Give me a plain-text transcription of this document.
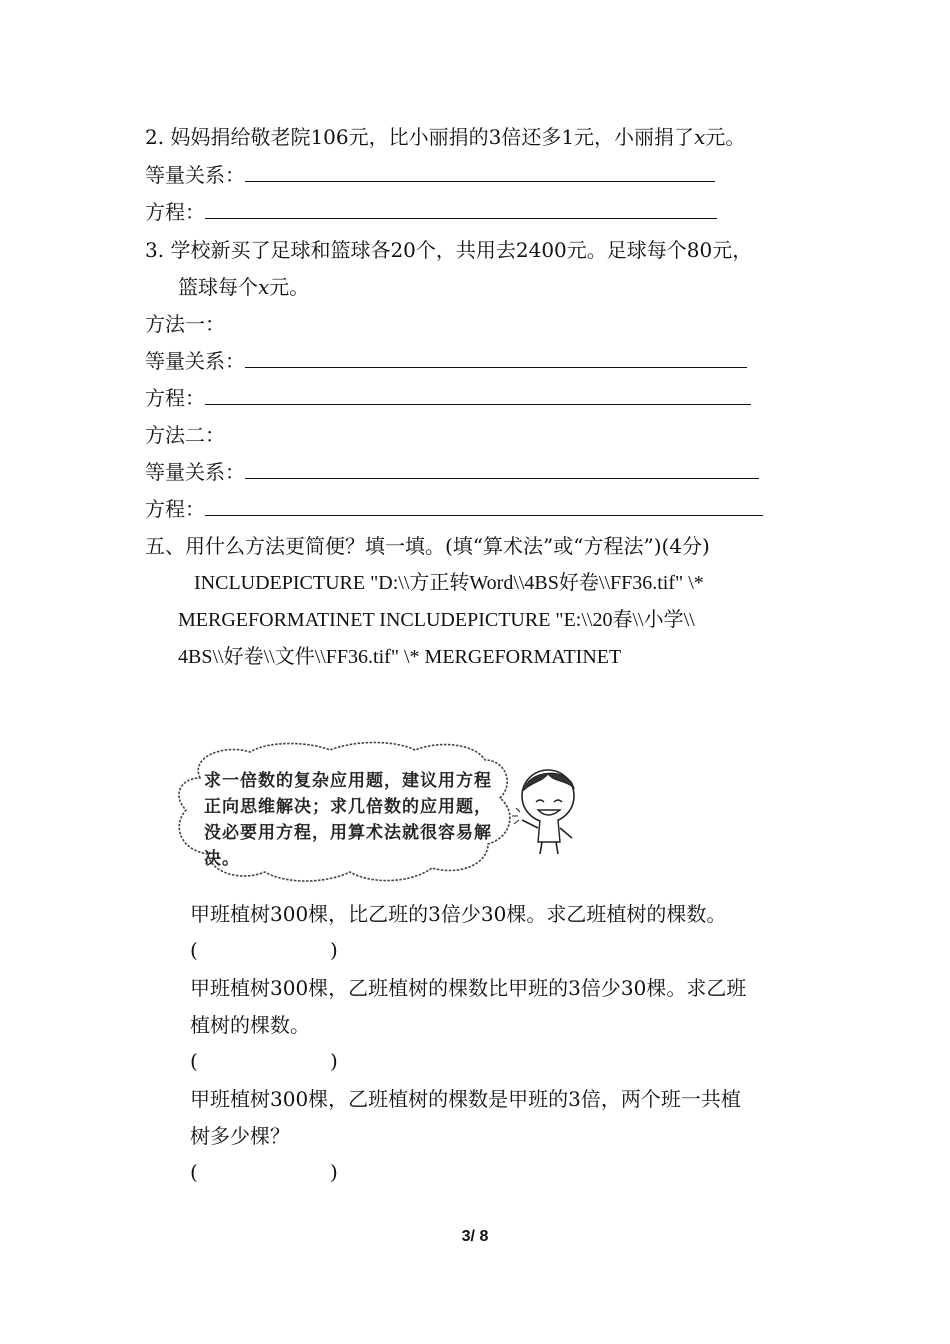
2. 妈妈捐给敬老院106元，比小丽捐的3倍还多1元，小丽捐了x元。
等量关系：
方程：
3. 学校新买了足球和篮球各20个，共用去2400元。足球每个80元，
篮球每个x元。
方法一：
等量关系：
方程：
方法二：
等量关系：
方程：
五、用什么方法更简便？填一填。(填“算术法”或“方程法”)(4分)
INCLUDEPICTURE "D:\\方正转Word\\4BS好卷\\FF36.tif" \*
MERGEFORMATINET INCLUDEPICTURE "E:\\20春\\小学\\
4BS\\好卷\\文件\\FF36.tif" \* MERGEFORMATINET
求一倍数的复杂应用题，建议用方程正向思维解决；求几倍数的应用题，没必要用方程，用算术法就很容易解决。
甲班植树300棵，比乙班的3倍少30棵。求乙班植树的棵数。
(	)
甲班植树300棵，乙班植树的棵数比甲班的3倍少30棵。求乙班
植树的棵数。
(	)
甲班植树300棵，乙班植树的棵数是甲班的3倍，两个班一共植
树多少棵？
(	)
3/ 8
